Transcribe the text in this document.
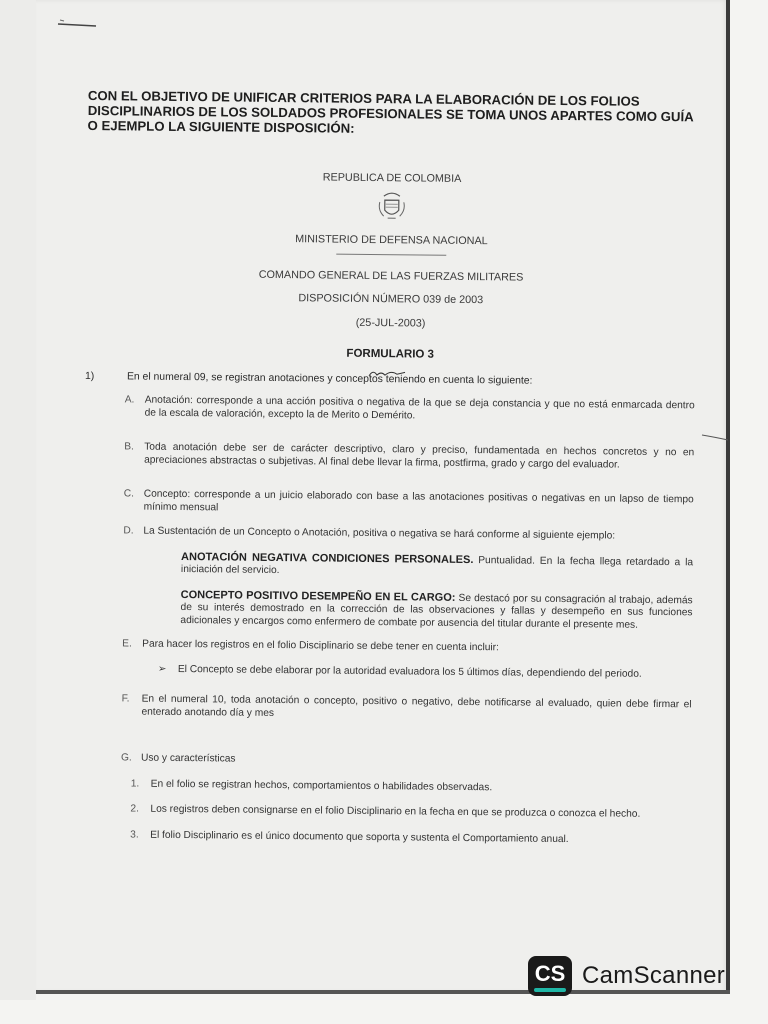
CON EL OBJETIVO DE UNIFICAR CRITERIOS PARA LA ELABORACIÓN DE LOS FOLIOS DISCIPLINARIOS DE LOS SOLDADOS PROFESIONALES SE TOMA UNOS APARTES COMO GUÍA O EJEMPLO LA SIGUIENTE DISPOSICIÓN:

REPUBLICA DE COLOMBIA
MINISTERIO DE DEFENSA NACIONAL
COMANDO GENERAL DE LAS FUERZAS MILITARES
DISPOSICIÓN NÚMERO 039 de 2003
(25-JUL-2003)
FORMULARIO 3
1)	En el numeral 09, se registran anotaciones y conceptos teniendo en cuenta lo siguiente:
A.	Anotación: corresponde a una acción positiva o negativa de la que se deja constancia y que no está enmarcada dentro de la escala de valoración, excepto la de Merito o Demérito.
B.	Toda anotación debe ser de carácter descriptivo, claro y preciso, fundamentada en hechos concretos y no en apreciaciones abstractas o subjetivas. Al final debe llevar la firma, postfirma, grado y cargo del evaluador.
C. Concepto: corresponde a un juicio elaborado con base a las anotaciones positivas o negativas en un lapso de tiempo mínimo mensual
D. La Sustentación de un Concepto o Anotación, positiva o negativa se hará conforme al siguiente ejemplo:
ANOTACIÓN NEGATIVA CONDICIONES PERSONALES. Puntualidad. En la fecha llega retardado a la iniciación del servicio.
CONCEPTO POSITIVO DESEMPEÑO EN EL CARGO: Se destacó por su consagración al trabajo, además de su interés demostrado en la corrección de las observaciones y fallas y desempeño en sus funciones adicionales y encargos como enfermero de combate por ausencia del titular durante el presente mes.
E.	Para hacer los registros en el folio Disciplinario se debe tener en cuenta incluir:
➢	El Concepto se debe elaborar por la autoridad evaluadora los 5 últimos días, dependiendo del periodo.
F.	En el numeral 10, toda anotación o concepto, positivo o negativo, debe notificarse al evaluado, quien debe firmar el enterado anotando día y mes
G. Uso y características
1.	En el folio se registran hechos, comportamientos o habilidades observadas.
2.	Los registros deben consignarse en el folio Disciplinario en la fecha en que se produzca o conozca el hecho.
3.	El folio Disciplinario es el único documento que soporta y sustenta el Comportamiento anual.
CS CamScanner
